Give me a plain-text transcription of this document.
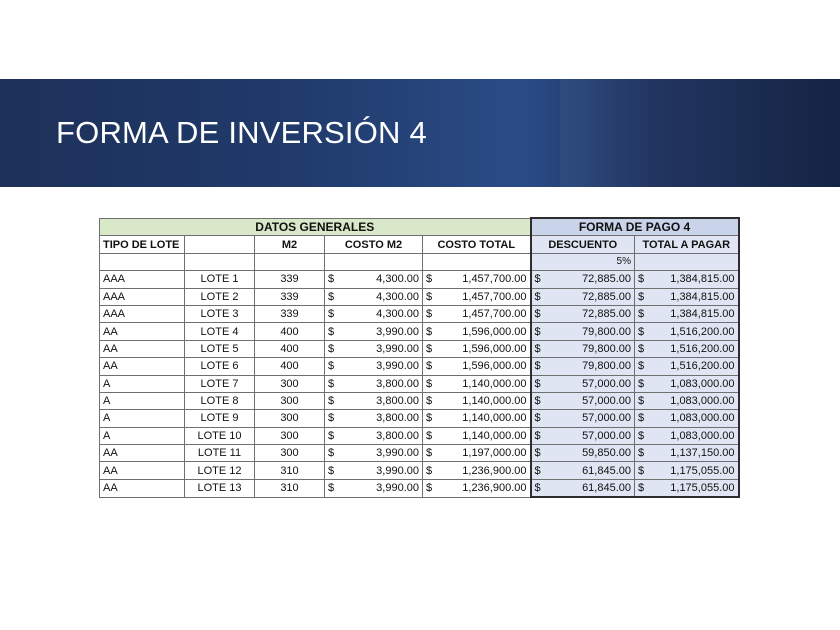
FORMA DE INVERSIÓN 4
DATOS GENERALES					FORMA DE PAGO 4	
TIPO DE LOTE		M2	COSTO M2	COSTO TOTAL	DESCUENTO	TOTAL A PAGAR
					5%	
AAA	LOTE 1	339	$ 4,300.00	$ 1,457,700.00	$ 72,885.00	$ 1,384,815.00

AAA	LOTE 2	339	$ 4,300.00	$ 1,457,700.00	$ 72,885.00	$ 1,384,815.00

AAA	LOTE 3	339	$ 4,300.00	$ 1,457,700.00	$ 72,885.00	$ 1,384,815.00

AA	LOTE 4	400	$ 3,990.00	$ 1,596,000.00	$ 79,800.00	$ 1,516,200.00

AA	LOTE 5	400	$ 3,990.00	$ 1,596,000.00	$ 79,800.00	$ 1,516,200.00

AA	LOTE 6	400	$ 3,990.00	$ 1,596,000.00	$ 79,800.00	$ 1,516,200.00

A	LOTE 7	300	$ 3,800.00	$ 1,140,000.00	$ 57,000.00	$ 1,083,000.00

A	LOTE 8	300	$ 3,800.00	$ 1,140,000.00	$ 57,000.00	$ 1,083,000.00

A	LOTE 9	300	$ 3,800.00	$ 1,140,000.00	$ 57,000.00	$ 1,083,000.00

A	LOTE 10	300	$ 3,800.00	$ 1,140,000.00	$ 57,000.00	$ 1,083,000.00

AA	LOTE 11	300	$ 3,990.00	$ 1,197,000.00	$ 59,850.00	$ 1,137,150.00

AA	LOTE 12	310	$ 3,990.00	$ 1,236,900.00	$ 61,845.00	$ 1,175,055.00

AA	LOTE 13	310	$ 3,990.00	$ 1,236,900.00	$ 61,845.00	$ 1,175,055.00
